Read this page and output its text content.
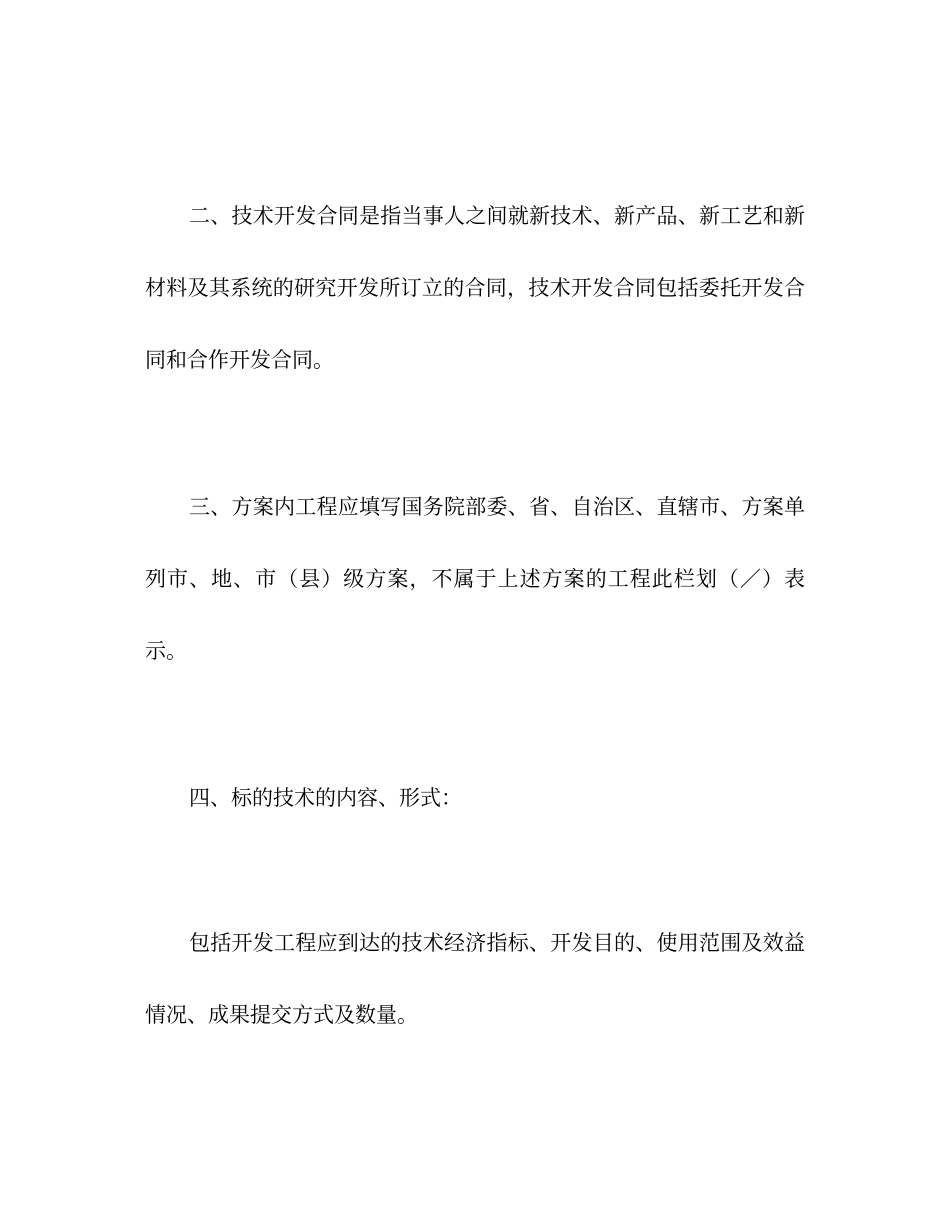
二、技术开发合同是指当事人之间就新技术、新产品、新工艺和新材料及其系统的研究开发所订立的合同，技术开发合同包括委托开发合同和合作开发合同。

三、方案内工程应填写国务院部委、省、自治区、直辖市、方案单列市、地、市（县）级方案，不属于上述方案的工程此栏划（／）表示。

四、标的技术的内容、形式：

包括开发工程应到达的技术经济指标、开发目的、使用范围及效益情况、成果提交方式及数量。
